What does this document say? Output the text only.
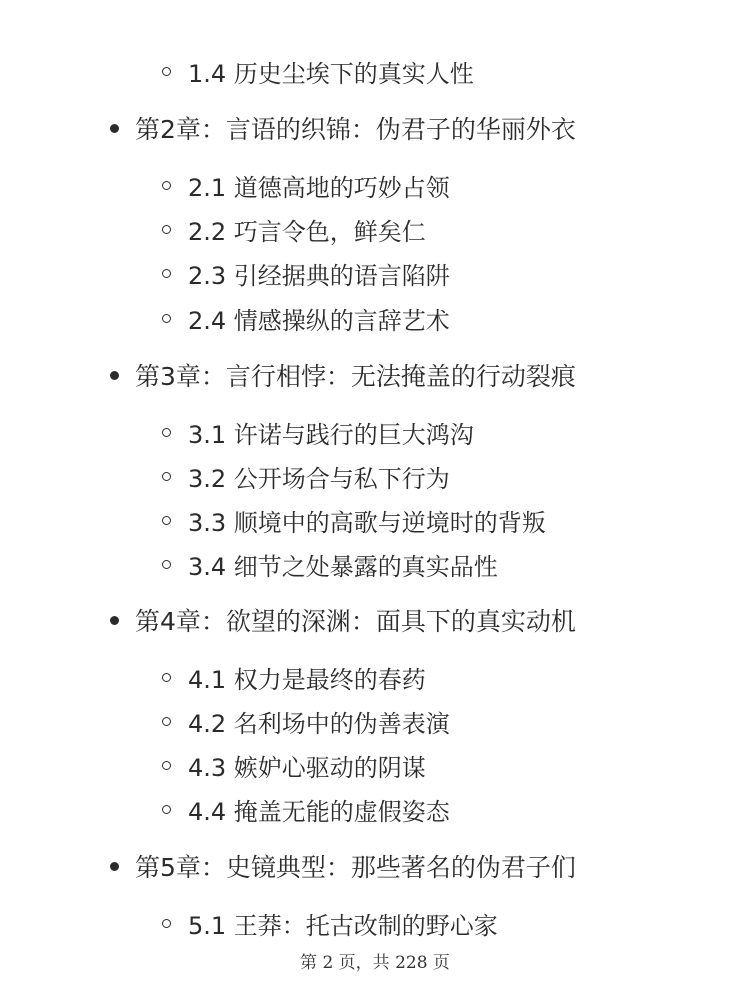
1.4 历史尘埃下的真实人性
第2章：言语的织锦：伪君子的华丽外衣
2.1 道德高地的巧妙占领
2.2 巧言令色，鲜矣仁
2.3 引经据典的语言陷阱
2.4 情感操纵的言辞艺术
第3章：言行相悖：无法掩盖的行动裂痕
3.1 许诺与践行的巨大鸿沟
3.2 公开场合与私下行为
3.3 顺境中的高歌与逆境时的背叛
3.4 细节之处暴露的真实品性
第4章：欲望的深渊：面具下的真实动机
4.1 权力是最终的春药
4.2 名利场中的伪善表演
4.3 嫉妒心驱动的阴谋
4.4 掩盖无能的虚假姿态
第5章：史镜典型：那些著名的伪君子们
5.1 王莽：托古改制的野心家
第 2 页，共 228 页
